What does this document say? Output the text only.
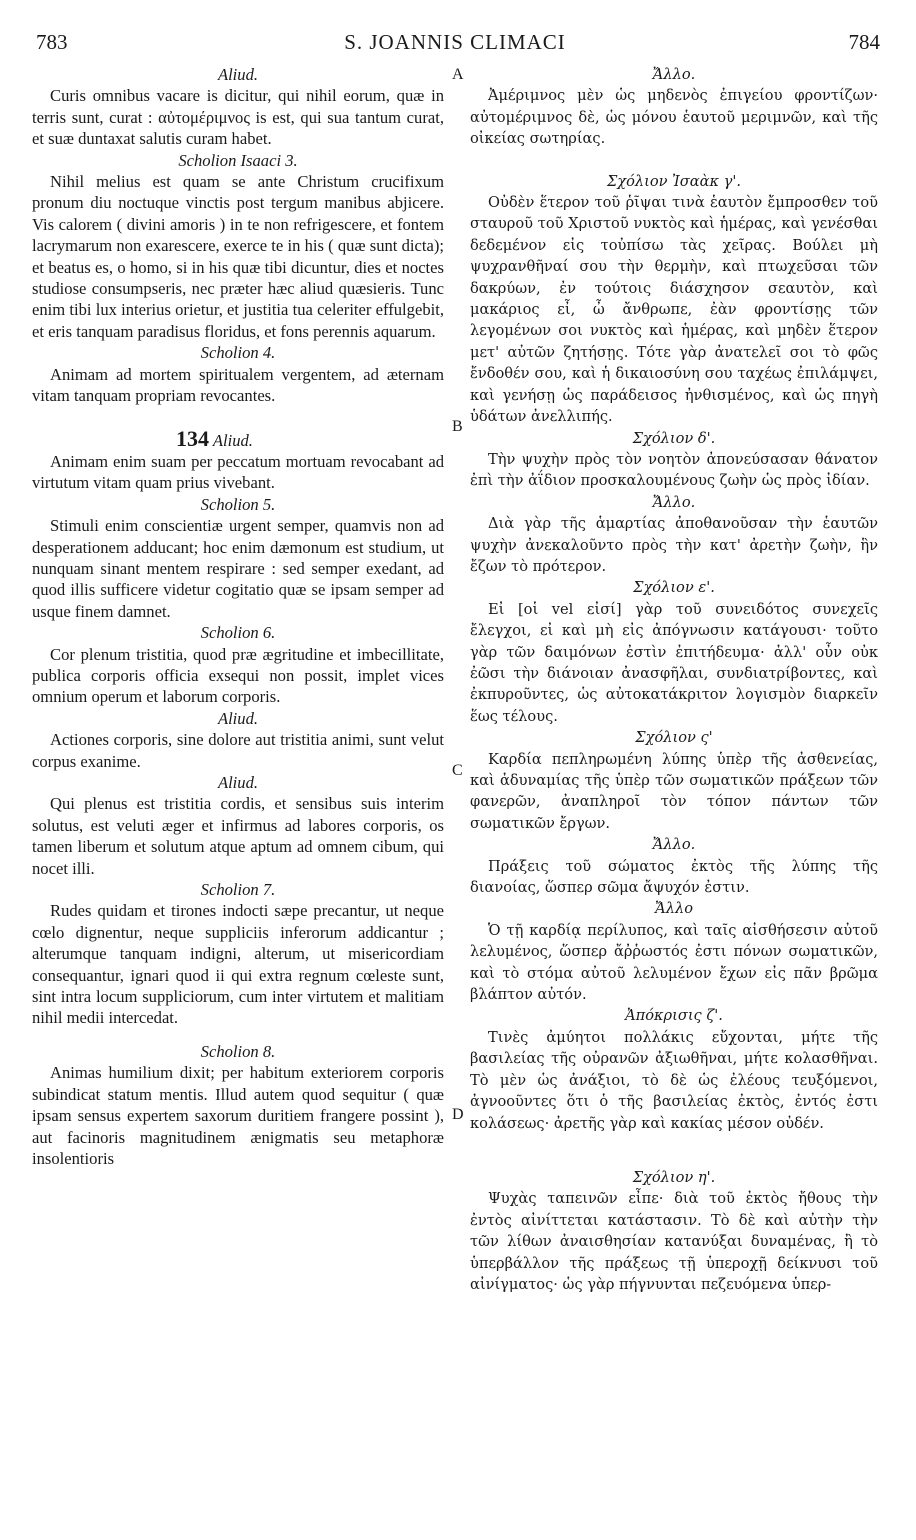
783	S. JOANNIS CLIMACI	784
A
B
C
D
Aliud.

Curis omnibus vacare is dicitur, qui nihil eorum, quæ in terris sunt, curat : αὐτομέριμνος is est, qui sua tantum curat, et suæ duntaxat salutis curam habet.

Scholion Isaaci 3.

Nihil melius est quam se ante Christum crucifixum pronum diu noctuque vinctis post tergum manibus abjicere. Vis calorem ( divini amoris ) in te non refrigescere, et fontem lacrymarum non exarescere, exerce te in his ( quæ sunt dicta); et beatus es, o homo, si in his quæ tibi dicuntur, dies et noctes studiose consumpseris, nec præter hæc aliud quæsieris. Tunc enim tibi lux interius orietur, et justitia tua celeriter effulgebit, et eris tanquam paradisus floridus, et fons perennis aquarum.

Scholion 4.

Animam ad mortem spiritualem vergentem, ad æternam vitam tanquam propriam revocantes.

134 Aliud.

Animam enim suam per peccatum mortuam revocabant ad virtutum vitam quam prius vivebant.

Scholion 5.

Stimuli enim conscientiæ urgent semper, quamvis non ad desperationem adducant; hoc enim dæmonum est studium, ut nunquam sinant mentem respirare : sed semper exedant, ad quod illis sufficere videtur cogitatio quæ se ipsam semper ad usque finem damnet.

Scholion 6.

Cor plenum tristitia, quod præ ægritudine et imbecillitate, publica corporis officia exsequi non possit, implet vices omnium operum et laborum corporis.

Aliud.

Actiones corporis, sine dolore aut tristitia animi, sunt velut corpus exanime.

Aliud.

Qui plenus est tristitia cordis, et sensibus suis interim solutus, est veluti æger et infirmus ad labores corporis, os tamen liberum et solutum atque aptum ad omnem cibum, qui nocet illi.

Scholion 7.

Rudes quidam et tirones indocti sæpe precantur, ut neque cœlo dignentur, neque suppliciis inferorum addicantur ; alterumque tanquam indigni, alterum, ut misericordiam consequantur, ignari quod ii qui extra regnum cœleste sunt, sint intra locum suppliciorum, cum inter virtutem et malitiam nihil medii intercedat.

Scholion 8.

Animas humilium dixit; per habitum exteriorem corporis subindicat statum mentis. Illud autem quod sequitur ( quæ ipsam sensus expertem saxorum duritiem frangere possint ), aut facinoris magnitudinem ænigmatis seu metaphoræ insolentioris

Ἄλλο.

Ἀμέριμνος μὲν ὡς μηδενὸς ἐπιγείου φροντίζων· αὐτομέριμνος δὲ, ὡς μόνου ἑαυτοῦ μεριμνῶν, καὶ τῆς οἰκείας σωτηρίας.

Σχόλιον Ἰσαὰκ γ'.

Οὐδὲν ἕτερον τοῦ ῥῖψαι τινὰ ἑαυτὸν ἔμπροσθεν τοῦ σταυροῦ τοῦ Χριστοῦ νυκτὸς καὶ ἡμέρας, καὶ γενέσθαι δεδεμένον εἰς τοὐπίσω τὰς χεῖρας. Βούλει μὴ ψυχρανθῆναί σου τὴν θερμὴν, καὶ πτωχεῦσαι τῶν δακρύων, ἐν τούτοις διάσχησον σεαυτὸν, καὶ μακάριος εἶ, ὦ ἄνθρωπε, ἐὰν φροντίσῃς τῶν λεγομένων σοι νυκτὸς καὶ ἡμέρας, καὶ μηδὲν ἕτερον μετ' αὐτῶν ζητήσῃς. Τότε γὰρ ἀνατελεῖ σοι τὸ φῶς ἔνδοθέν σου, καὶ ἡ δικαιοσύνη σου ταχέως ἐπιλάμψει, καὶ γενήσῃ ὡς παράδεισος ἠνθισμένος, καὶ ὡς πηγὴ ὑδάτων ἀνελλιπής.

Σχόλιον δ'.

Τὴν ψυχὴν πρὸς τὸν νοητὸν ἀπονεύσασαν θάνατον ἐπὶ τὴν ἀΐδιον προσκαλουμένους ζωὴν ὡς πρὸς ἰδίαν.

Ἄλλο.

Διὰ γὰρ τῆς ἁμαρτίας ἀποθανοῦσαν τὴν ἑαυτῶν ψυχὴν ἀνεκαλοῦντο πρὸς τὴν κατ' ἀρετὴν ζωὴν, ἣν ἔζων τὸ πρότερον.

Σχόλιον ε'.

Εἰ [οἱ vel εἰσί] γὰρ τοῦ συνειδότος συνεχεῖς ἔλεγχοι, εἰ καὶ μὴ εἰς ἀπόγνωσιν κατάγουσι· τοῦτο γὰρ τῶν δαιμόνων ἐστὶν ἐπιτήδευμα· ἀλλ' οὖν οὐκ ἐῶσι τὴν διάνοιαν ἀνασφῆλαι, συνδιατρίβοντες, καὶ ἐκπυροῦντες, ὡς αὐτοκατάκριτον λογισμὸν διαρκεῖν ἕως τέλους.

Σχόλιον ς'

Καρδία πεπληρωμένη λύπης ὑπὲρ τῆς ἀσθενείας, καὶ ἀδυναμίας τῆς ὑπὲρ τῶν σωματικῶν πράξεων τῶν φανερῶν, ἀναπληροῖ τὸν τόπον πάντων τῶν σωματικῶν ἔργων.

Ἄλλο.

Πράξεις τοῦ σώματος ἐκτὸς τῆς λύπης τῆς διανοίας, ὥσπερ σῶμα ἄψυχόν ἐστιν.

Ἄλλο

Ὁ τῇ καρδίᾳ περίλυπος, καὶ ταῖς αἰσθήσεσιν αὐτοῦ λελυμένος, ὥσπερ ἄῤῥωστός ἐστι πόνων σωματικῶν, καὶ τὸ στόμα αὐτοῦ λελυμένον ἔχων εἰς πᾶν βρῶμα βλάπτον αὐτόν.

Ἀπόκρισις ζ'.

Τινὲς ἀμύητοι πολλάκις εὔχονται, μήτε τῆς βασιλείας τῆς οὐρανῶν ἀξιωθῆναι, μήτε κολασθῆναι. Τὸ μὲν ὡς ἀνάξιοι, τὸ δὲ ὡς ἐλέους τευξόμενοι, ἀγνοοῦντες ὅτι ὁ τῆς βασιλείας ἐκτὸς, ἐντός ἐστι κολάσεως· ἀρετῆς γὰρ καὶ κακίας μέσον οὐδέν.

Σχόλιον η'.

Ψυχὰς ταπεινῶν εἶπε· διὰ τοῦ ἐκτὸς ἤθους τὴν ἐντὸς αἰνίττεται κατάστασιν. Τὸ δὲ καὶ αὐτὴν τὴν τῶν λίθων ἀναισθησίαν κατανύξαι δυναμένας, ἢ τὸ ὑπερβάλλον τῆς πράξεως τῇ ὑπεροχῇ δείκνυσι τοῦ αἰνίγματος· ὡς γὰρ πήγνυνται πεζευόμενα ὑπερ-
